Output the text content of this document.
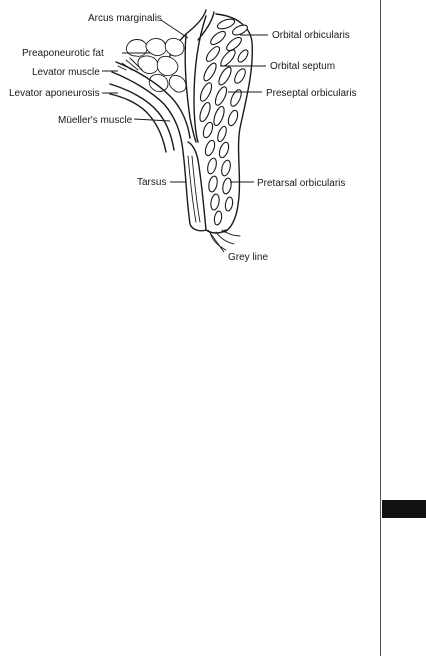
Arcus marginalis
Orbital orbicularis
Preaponeurotic fat
Orbital septum
Levator muscle
Levator aponeurosis	Preseptal orbicularis
Müeller's muscle
Tarsus	Pretarsal orbicularis
Grey line
